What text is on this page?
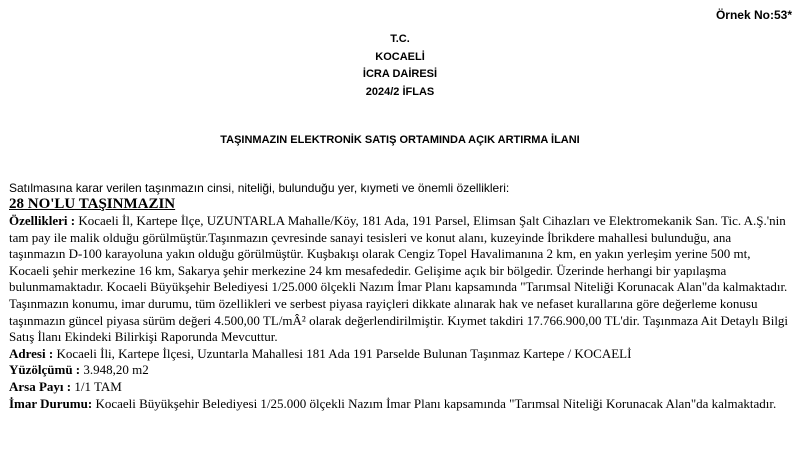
Örnek No:53*
T.C.
KOCAELİ
İCRA DAİRESİ
2024/2 İFLAS
TAŞINMAZIN ELEKTRONİK SATIŞ ORTAMINDA AÇIK ARTIRMA İLANI
Satılmasına karar verilen taşınmazın cinsi, niteliği, bulunduğu yer, kıymeti ve önemli özellikleri:
28 NO'LU TAŞINMAZIN

Özellikleri : Kocaeli İl, Kartepe İlçe, UZUNTARLA Mahalle/Köy, 181 Ada, 191 Parsel, Elimsan Şalt Cihazları ve Elektromekanik San. Tic. A.Ş.'nin tam pay ile malik olduğu görülmüştür.Taşınmazın çevresinde sanayi tesisleri ve konut alanı, kuzeyinde İbrikdere mahallesi bulunduğu, ana taşınmazın D-100 karayoluna yakın olduğu görülmüştür. Kuşbakışı olarak Cengiz Topel Havalimanına 2 km, en yakın yerleşim yerine 500 mt, Kocaeli şehir merkezine 16 km, Sakarya şehir merkezine 24 km mesafededir. Gelişime açık bir bölgedir. Üzerinde herhangi bir yapılaşma bulunmamaktadır. Kocaeli Büyükşehir Belediyesi 1/25.000 ölçekli Nazım İmar Planı kapsamında "Tarımsal Niteliği Korunacak Alan"da kalmaktadır. Taşınmazın konumu, imar durumu, tüm özellikleri ve serbest piyasa rayiçleri dikkate alınarak hak ve nefaset kurallarına göre değerleme konusu taşınmazın güncel piyasa sürüm değeri 4.500,00 TL/mÂ² olarak değerlendirilmiştir. Kıymet takdiri 17.766.900,00 TL'dir. Taşınmaza Ait Detaylı Bilgi Satış İlanı Ekindeki Bilirkişi Raporunda Mevcuttur.

Adresi : Kocaeli İli, Kartepe İlçesi, Uzuntarla Mahallesi 181 Ada 191 Parselde Bulunan Taşınmaz Kartepe / KOCAELİ

Yüzölçümü : 3.948,20 m2

Arsa Payı : 1/1 TAM

İmar Durumu: Kocaeli Büyükşehir Belediyesi 1/25.000 ölçekli Nazım İmar Planı kapsamında "Tarımsal Niteliği Korunacak Alan"da kalmaktadır.
